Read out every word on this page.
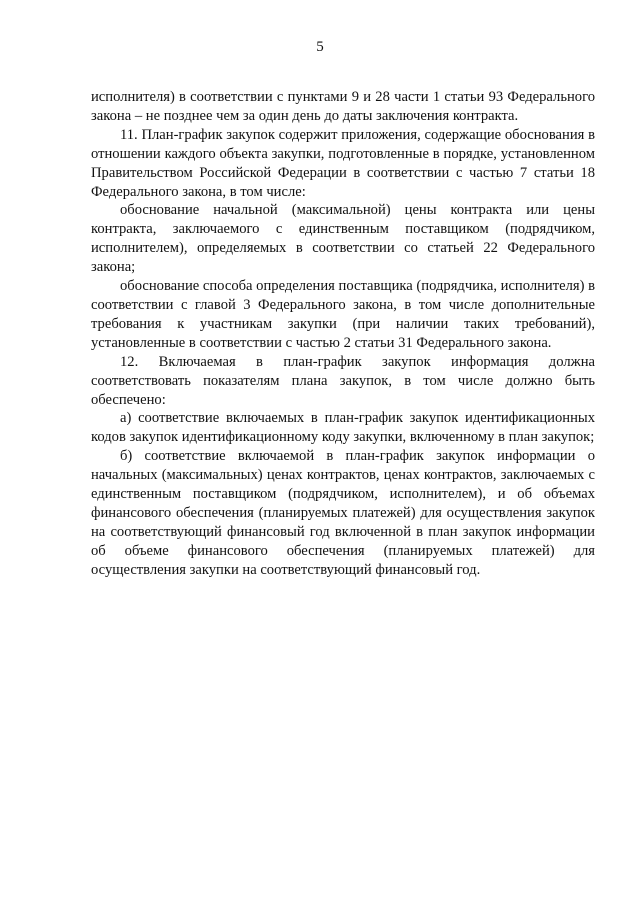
5

исполнителя) в соответствии с пунктами 9 и 28 части 1 статьи 93 Федерального закона – не позднее чем за один день до даты заключения контракта.

11. План-график закупок содержит приложения, содержащие обоснования в отношении каждого объекта закупки, подготовленные в порядке, установленном Правительством Российской Федерации в соответствии с частью 7 статьи 18 Федерального закона, в том числе:

обоснование начальной (максимальной) цены контракта или цены контракта, заключаемого с единственным поставщиком (подрядчиком, исполнителем), определяемых в соответствии со статьей 22 Федерального закона;

обоснование способа определения поставщика (подрядчика, исполнителя) в соответствии с главой 3 Федерального закона, в том числе дополнительные требования к участникам закупки (при наличии таких требований), установленные в соответствии с частью 2 статьи 31 Федерального закона.

12. Включаемая в план-график закупок информация должна соответствовать показателям плана закупок, в том числе должно быть обеспечено:

а) соответствие включаемых в план-график закупок идентификационных кодов закупок идентификационному коду закупки, включенному в план закупок;

б) соответствие включаемой в план-график закупок информации о начальных (максимальных) ценах контрактов, ценах контрактов, заключаемых с единственным поставщиком (подрядчиком, исполнителем), и об объемах финансового обеспечения (планируемых платежей) для осуществления закупок на соответствующий финансовый год включенной в план закупок информации об объеме финансового обеспечения (планируемых платежей) для осуществления закупки на соответствующий финансовый год.
